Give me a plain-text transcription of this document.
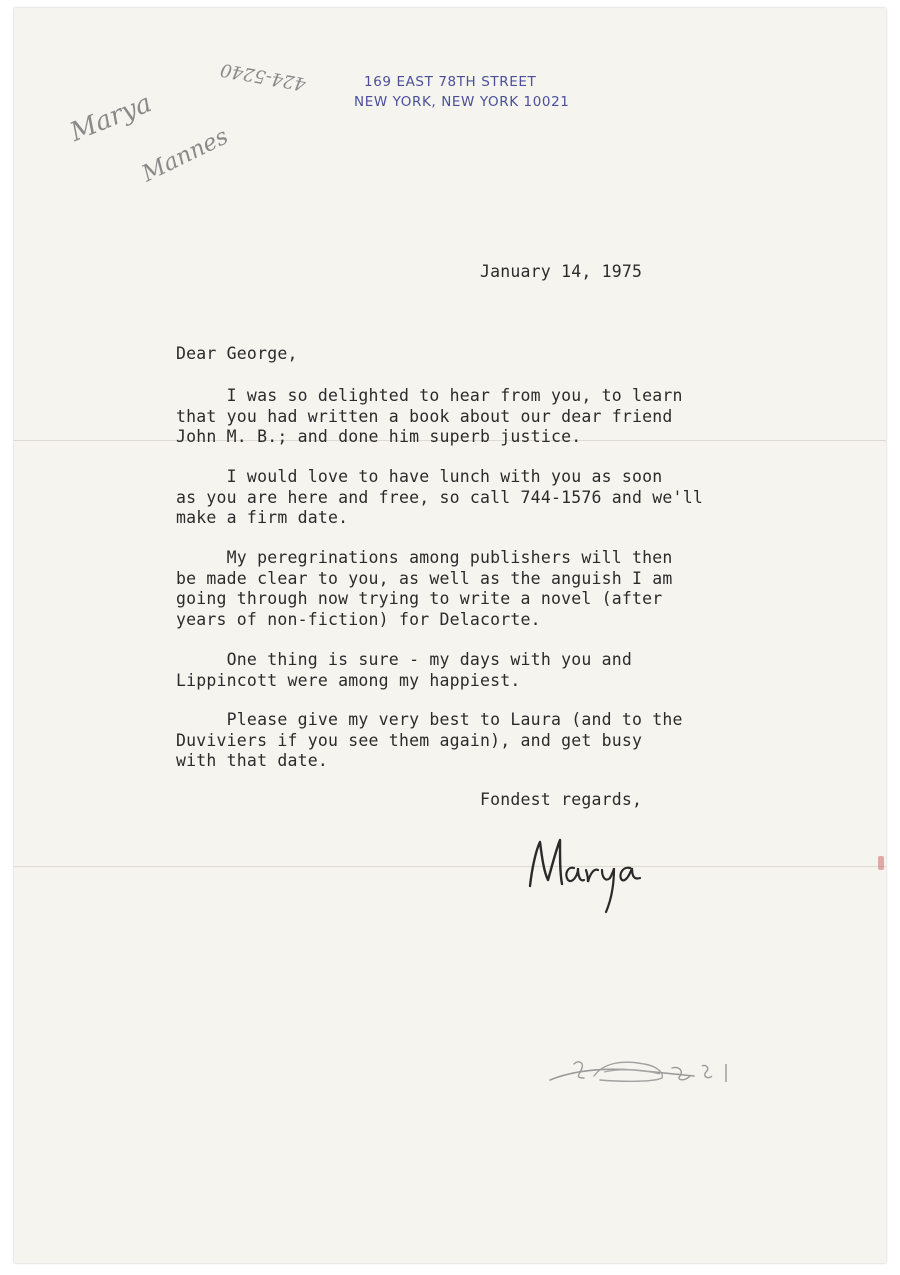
Marya
Mannes
424-5240	169 EAST 78TH STREET
NEW YORK, NEW YORK 10021
January 14, 1975
Dear George,
I was so delighted to hear from you, to learn
that you had written a book about our dear friend
John M. B.; and done him superb justice.
I would love to have lunch with you as soon
as you are here and free, so call 744-1576 and we'll
make a firm date.
My peregrinations among publishers will then
be made clear to you, as well as the anguish I am
going through now trying to write a novel (after
years of non-fiction) for Delacorte.
One thing is sure - my days with you and
Lippincott were among my happiest.
Please give my very best to Laura (and to the
Duviviers if you see them again), and get busy
with that date.
Fondest regards,
